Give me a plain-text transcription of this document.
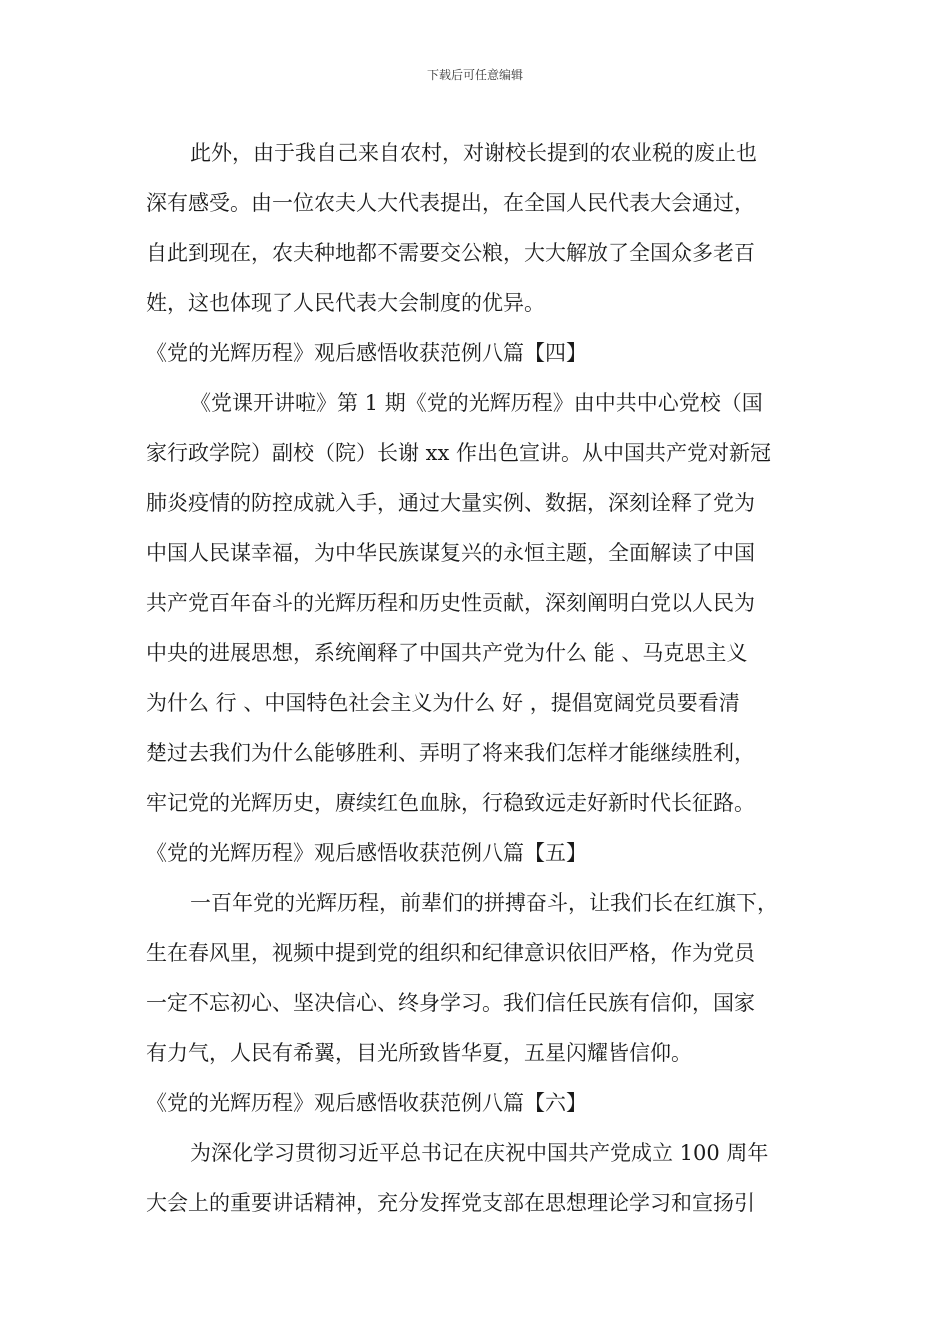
下载后可任意编辑
此外，由于我自己来自农村，对谢校长提到的农业税的废止也
深有感受。由一位农夫人大代表提出，在全国人民代表大会通过，
自此到现在，农夫种地都不需要交公粮，大大解放了全国众多老百
姓，这也体现了人民代表大会制度的优异。
《党的光辉历程》观后感悟收获范例八篇【四】
《党课开讲啦》第 1 期《党的光辉历程》由中共中心党校（国
家行政学院）副校（院）长谢 xx 作出色宣讲。从中国共产党对新冠
肺炎疫情的防控成就入手，通过大量实例、数据，深刻诠释了党为
中国人民谋幸福，为中华民族谋复兴的永恒主题，全面解读了中国
共产党百年奋斗的光辉历程和历史性贡献，深刻阐明白党以人民为
中央的进展思想，系统阐释了中国共产党为什么 能 、马克思主义
为什么 行 、中国特色社会主义为什么 好 ，提倡宽阔党员要看清
楚过去我们为什么能够胜利、弄明了将来我们怎样才能继续胜利，
牢记党的光辉历史，赓续红色血脉，行稳致远走好新时代长征路。
《党的光辉历程》观后感悟收获范例八篇【五】
一百年党的光辉历程，前辈们的拼搏奋斗，让我们长在红旗下，
生在春风里，视频中提到党的组织和纪律意识依旧严格，作为党员
一定不忘初心、坚决信心、终身学习。我们信任民族有信仰，国家
有力气，人民有希翼，目光所致皆华夏，五星闪耀皆信仰。
《党的光辉历程》观后感悟收获范例八篇【六】
为深化学习贯彻习近平总书记在庆祝中国共产党成立 100 周年
大会上的重要讲话精神，充分发挥党支部在思想理论学习和宣扬引
